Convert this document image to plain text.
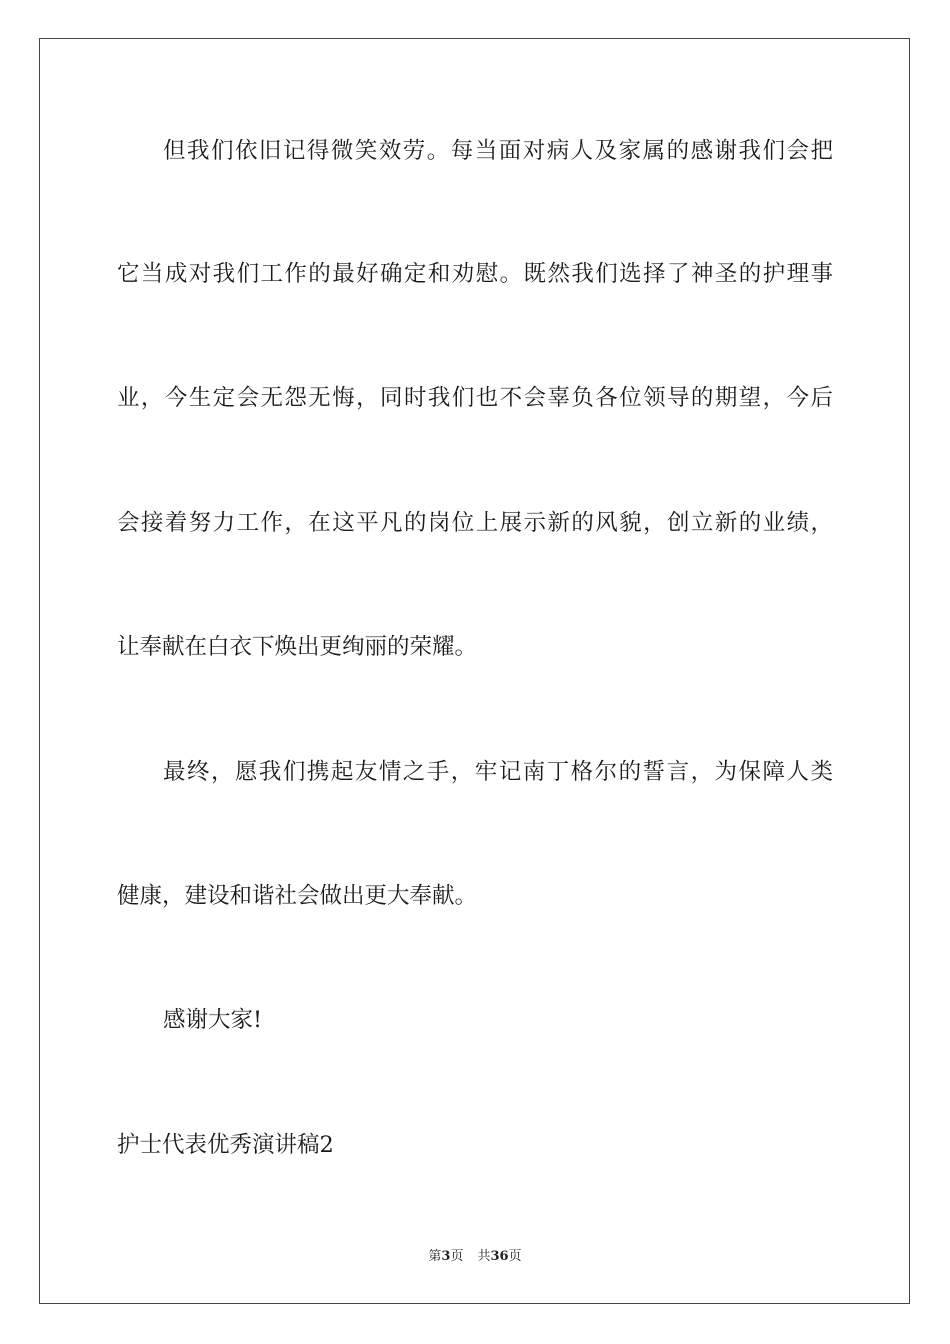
但我们依旧记得微笑效劳。每当面对病人及家属的感谢我们会把
它当成对我们工作的最好确定和劝慰。既然我们选择了神圣的护理事
业，今生定会无怨无悔，同时我们也不会辜负各位领导的期望，今后
会接着努力工作，在这平凡的岗位上展示新的风貌，创立新的业绩，
让奉献在白衣下焕出更绚丽的荣耀。
最终，愿我们携起友情之手，牢记南丁格尔的誓言，为保障人类
健康，建设和谐社会做出更大奉献。
感谢大家!
护士代表优秀演讲稿2
第3页 共36页
